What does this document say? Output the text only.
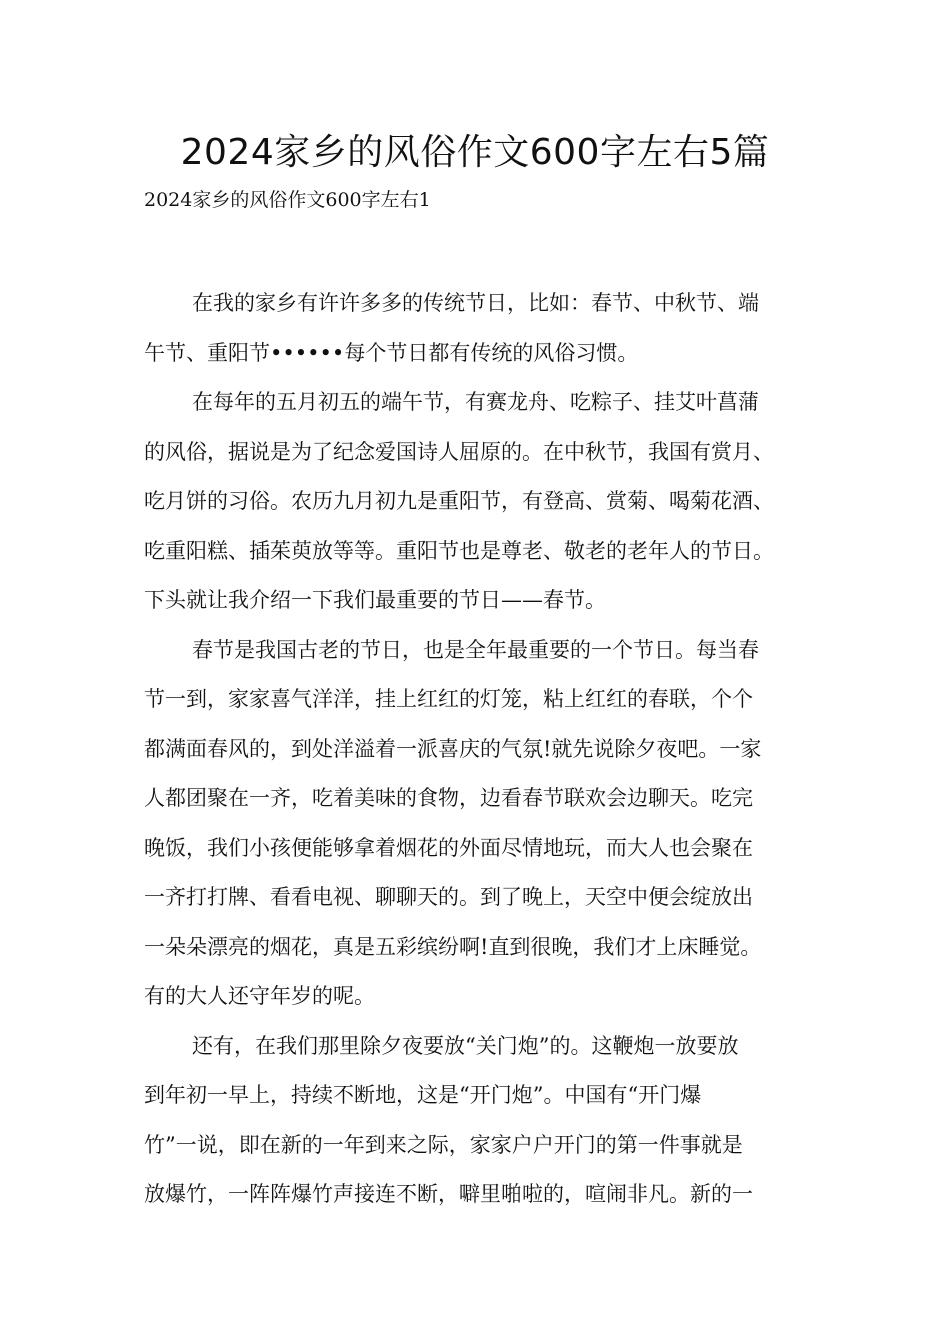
2024家乡的风俗作文600字左右5篇

2024家乡的风俗作文600字左右1

在我的家乡有许许多多的传统节日，比如：春节、中秋节、端
午节、重阳节••••••每个节日都有传统的风俗习惯。

在每年的五月初五的端午节，有赛龙舟、吃粽子、挂艾叶菖蒲
的风俗，据说是为了纪念爱国诗人屈原的。在中秋节，我国有赏月、
吃月饼的习俗。农历九月初九是重阳节，有登高、赏菊、喝菊花酒、
吃重阳糕、插茱萸放等等。重阳节也是尊老、敬老的老年人的节日。
下头就让我介绍一下我们最重要的节日——春节。

春节是我国古老的节日，也是全年最重要的一个节日。每当春
节一到，家家喜气洋洋，挂上红红的灯笼，粘上红红的春联，个个
都满面春风的，到处洋溢着一派喜庆的气氛!就先说除夕夜吧。一家
人都团聚在一齐，吃着美味的食物，边看春节联欢会边聊天。吃完
晚饭，我们小孩便能够拿着烟花的外面尽情地玩，而大人也会聚在
一齐打打牌、看看电视、聊聊天的。到了晚上，天空中便会绽放出
一朵朵漂亮的烟花，真是五彩缤纷啊!直到很晚，我们才上床睡觉。
有的大人还守年岁的呢。

还有，在我们那里除夕夜要放“关门炮”的。这鞭炮一放要放
到年初一早上，持续不断地，这是“开门炮”。中国有“开门爆
竹”一说，即在新的一年到来之际，家家户户开门的第一件事就是
放爆竹，一阵阵爆竹声接连不断，噼里啪啦的，喧闹非凡。新的一
